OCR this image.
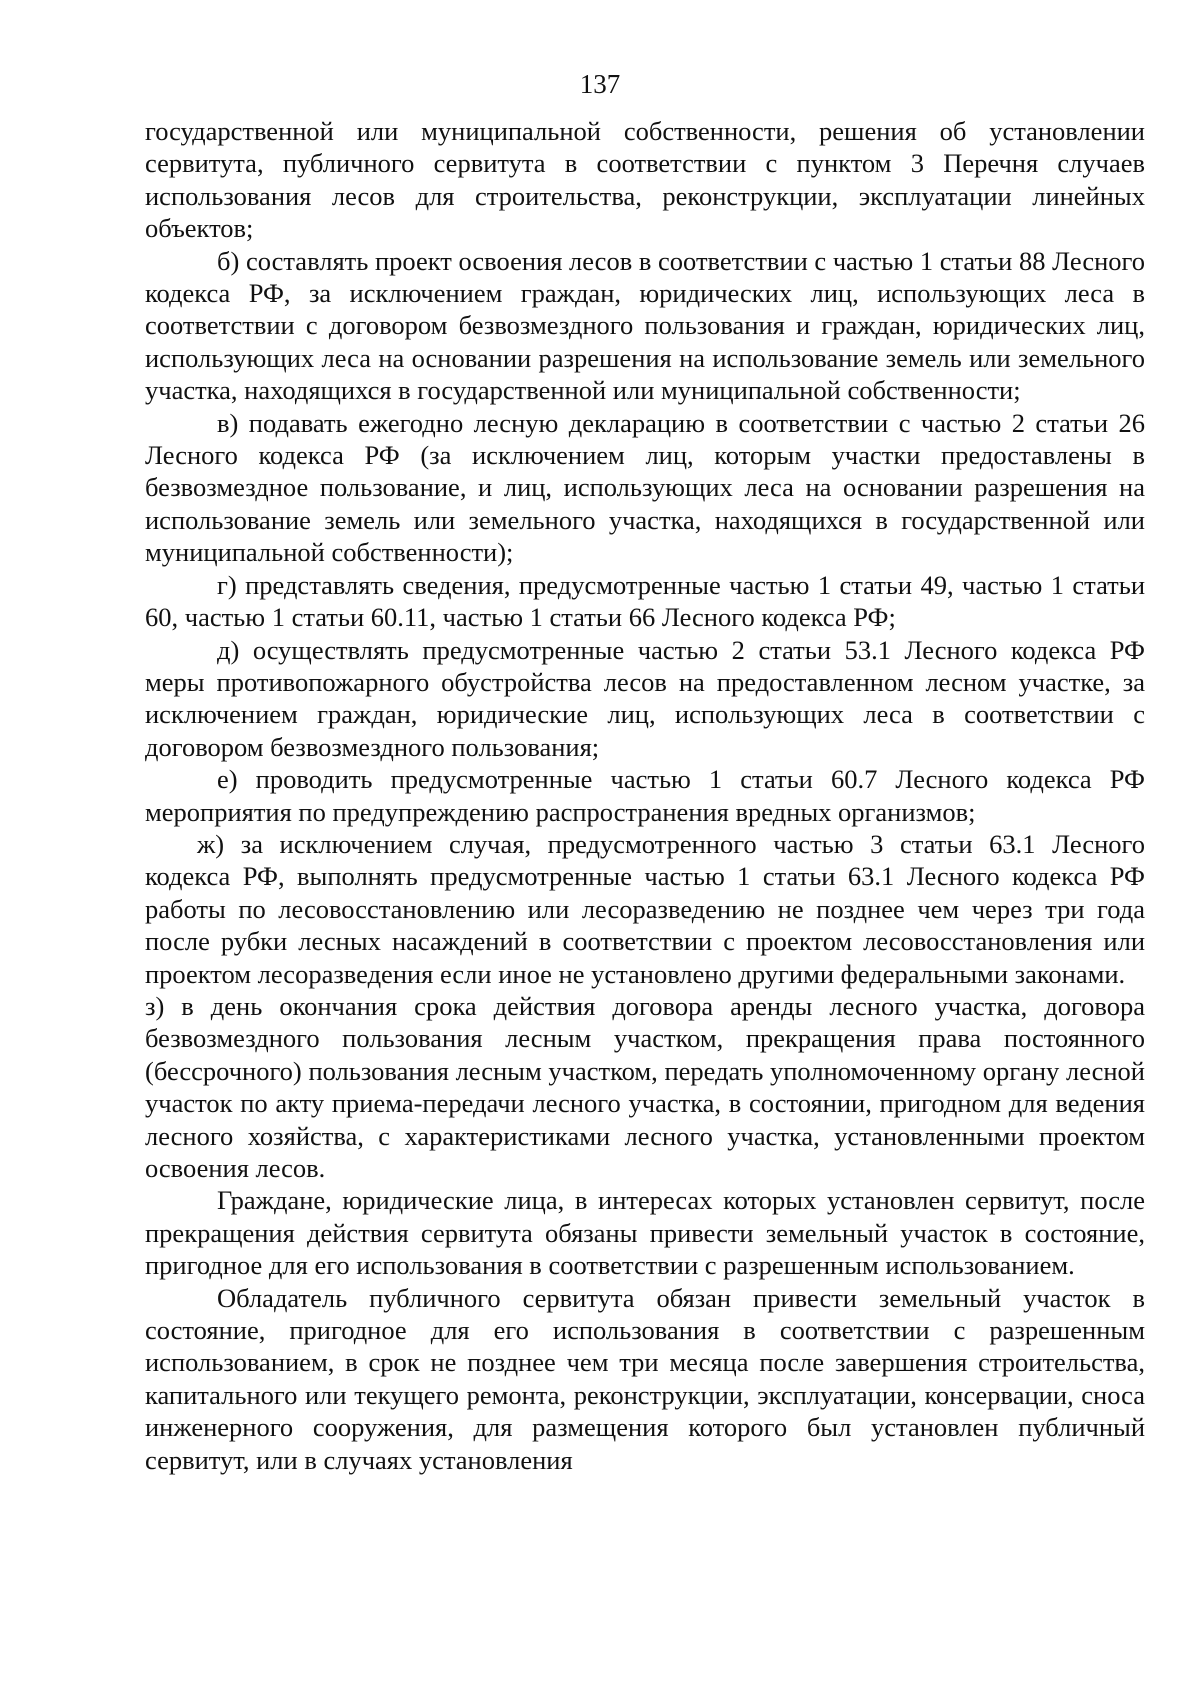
137

государственной или муниципальной собственности, решения об установлении сервитута, публичного сервитута в соответствии с пунктом 3 Перечня случаев использования лесов для строительства, реконструкции, эксплуатации линейных объектов;

б) составлять проект освоения лесов в соответствии с частью 1 статьи 88 Лесного кодекса РФ, за исключением граждан, юридических лиц, использующих леса в соответствии с договором безвозмездного пользования и граждан, юридических лиц, использующих леса на основании разрешения на использование земель или земельного участка, находящихся в государственной или муниципальной собственности;

в) подавать ежегодно лесную декларацию в соответствии с частью 2 статьи 26 Лесного кодекса РФ (за исключением лиц, которым участки предоставлены в безвозмездное пользование, и лиц, использующих леса на основании разрешения на использование земель или земельного участка, находящихся в государственной или муниципальной собственности);

г) представлять сведения, предусмотренные частью 1 статьи 49, частью 1 статьи 60, частью 1 статьи 60.11, частью 1 статьи 66 Лесного кодекса РФ;

д) осуществлять предусмотренные частью 2 статьи 53.1 Лесного кодекса РФ меры противопожарного обустройства лесов на предоставленном лесном участке, за исключением граждан, юридические лиц, использующих леса в соответствии с договором безвозмездного пользования;

е) проводить предусмотренные частью 1 статьи 60.7 Лесного кодекса РФ мероприятия по предупреждению распространения вредных организмов;

ж) за исключением случая, предусмотренного частью 3 статьи 63.1 Лесного кодекса РФ, выполнять предусмотренные частью 1 статьи 63.1 Лесного кодекса РФ работы по лесовосстановлению или лесоразведению не позднее чем через три года после рубки лесных насаждений в соответствии с проектом лесовосстановления или проектом лесоразведения если иное не установлено другими федеральными законами.

з) в день окончания срока действия договора аренды лесного участка, договора безвозмездного пользования лесным участком, прекращения права постоянного (бессрочного) пользования лесным участком, передать уполномоченному органу лесной участок по акту приема-передачи лесного участка, в состоянии, пригодном для ведения лесного хозяйства, с характеристиками лесного участка, установленными проектом освоения лесов.

Граждане, юридические лица, в интересах которых установлен сервитут, после прекращения действия сервитута обязаны привести земельный участок в состояние, пригодное для его использования в соответствии с разрешенным использованием.

Обладатель публичного сервитута обязан привести земельный участок в состояние, пригодное для его использования в соответствии с разрешенным использованием, в срок не позднее чем три месяца после завершения строительства, капитального или текущего ремонта, реконструкции, эксплуатации, консервации, сноса инженерного сооружения, для размещения которого был установлен публичный сервитут, или в случаях установления
